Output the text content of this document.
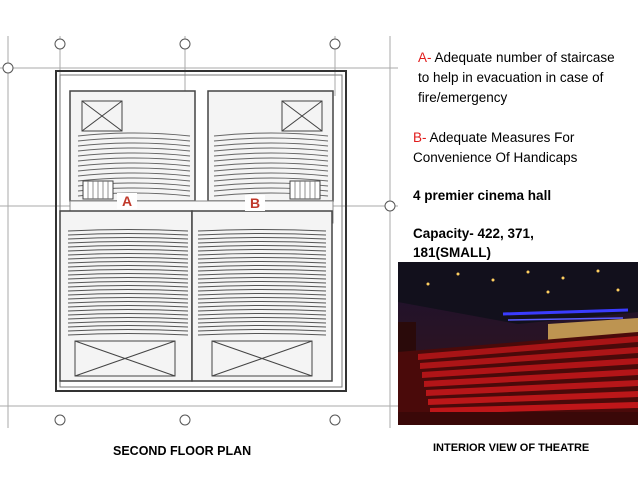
A	B
SECOND FLOOR PLAN
A- Adequate number of staircase to help in evacuation in case of fire/emergency
B- Adequate Measures For Convenience Of Handicaps
4 premier cinema hall
Capacity- 422, 371, 181(SMALL)
INTERIOR VIEW OF THEATRE
